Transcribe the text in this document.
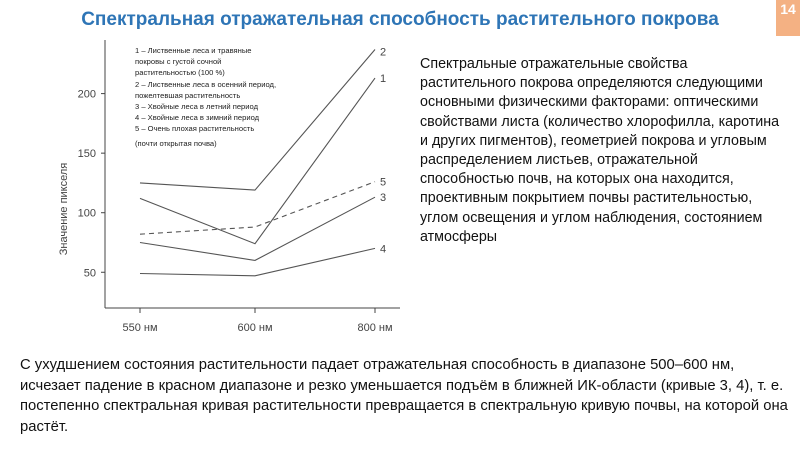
Спектральная отражательная способность растительного покрова	14
50
100
150
200
550 нм	600 нм	800 нм
Значение пикселя
1
2
3
4
5
1 – Лиственные леса и травяные
покровы с густой сочной
растительностью (100 %)
2 – Лиственные леса в осенний период,
пожелтевшая растительность
3 – Хвойные леса в летний период
4 – Хвойные леса в зимний период
5 – Очень плохая растительность
(почти открытая почва)
Спектральные отражательные свойства растительного покрова определяются следующими основными физическими факторами: оптическими свойствами листа (количество хлорофилла, каротина и других пигментов), геометрией покрова и угловым распределением листьев, отражательной способностью почв, на которых она находится, проективным покрытием почвы растительностью, углом освещения и углом наблюдения, состоянием атмосферы
С ухудшением состояния растительности падает отражательная способность в диапазоне 500–600 нм, исчезает падение в красном диапазоне и резко уменьшается подъём в ближней ИК-области (кривые 3, 4), т. е. постепенно спектральная кривая растительности превращается в спектральную кривую почвы, на которой она растёт.
